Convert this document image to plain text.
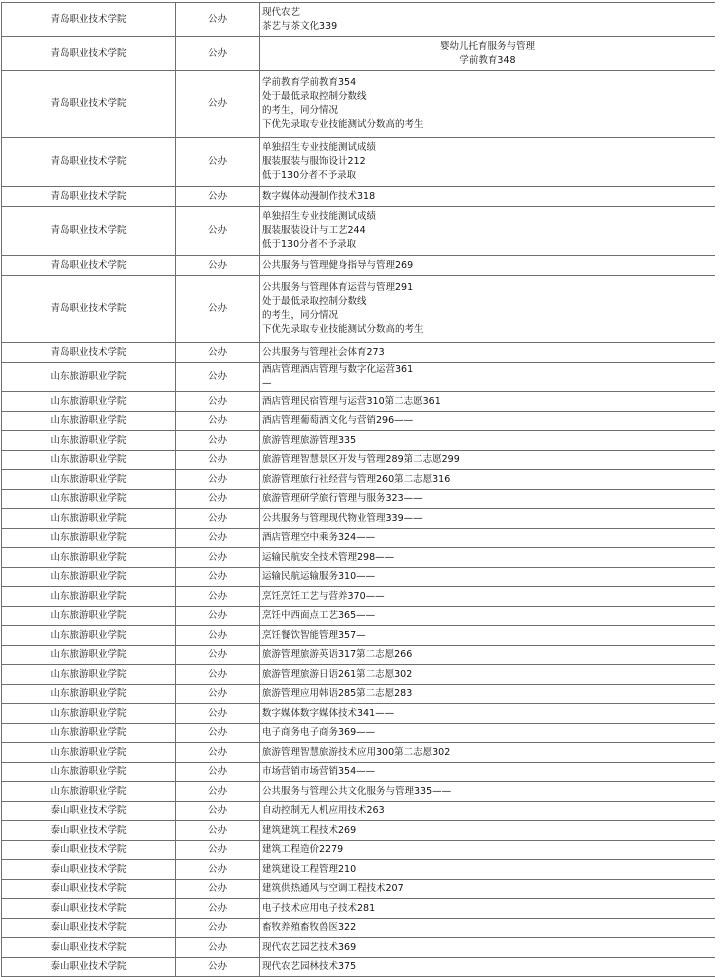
青岛职业技术学院	公办	现代农艺
茶艺与茶文化339

青岛职业技术学院	公办	婴幼儿托育服务与管理
学前教育348

青岛职业技术学院	公办	学前教育学前教育354
处于最低录取控制分数线
的考生，同分情况
下优先录取专业技能测试分数高的考生

青岛职业技术学院	公办	单独招生专业技能测试成绩
服装服装与服饰设计212
低于130分者不予录取

青岛职业技术学院	公办	数字媒体动漫制作技术318

青岛职业技术学院	公办	单独招生专业技能测试成绩
服装服装设计与工艺244
低于130分者不予录取

青岛职业技术学院	公办	公共服务与管理健身指导与管理269

青岛职业技术学院	公办	公共服务与管理体育运营与管理291
处于最低录取控制分数线
的考生，同分情况
下优先录取专业技能测试分数高的考生

青岛职业技术学院	公办	公共服务与管理社会体育273

山东旅游职业学院	公办	酒店管理酒店管理与数字化运营361
—

山东旅游职业学院	公办	酒店管理民宿管理与运营310第二志愿361

山东旅游职业学院	公办	酒店管理葡萄酒文化与营销296——

山东旅游职业学院	公办	旅游管理旅游管理335

山东旅游职业学院	公办	旅游管理智慧景区开发与管理289第二志愿299

山东旅游职业学院	公办	旅游管理旅行社经营与管理260第二志愿316

山东旅游职业学院	公办	旅游管理研学旅行管理与服务323——

山东旅游职业学院	公办	公共服务与管理现代物业管理339——

山东旅游职业学院	公办	酒店管理空中乘务324——

山东旅游职业学院	公办	运输民航安全技术管理298——

山东旅游职业学院	公办	运输民航运输服务310——

山东旅游职业学院	公办	烹饪烹饪工艺与营养370——

山东旅游职业学院	公办	烹饪中西面点工艺365——

山东旅游职业学院	公办	烹饪餐饮智能管理357—

山东旅游职业学院	公办	旅游管理旅游英语317第二志愿266

山东旅游职业学院	公办	旅游管理旅游日语261第二志愿302

山东旅游职业学院	公办	旅游管理应用韩语285第二志愿283

山东旅游职业学院	公办	数字媒体数字媒体技术341——

山东旅游职业学院	公办	电子商务电子商务369——

山东旅游职业学院	公办	旅游管理智慧旅游技术应用300第二志愿302

山东旅游职业学院	公办	市场营销市场营销354——

山东旅游职业学院	公办	公共服务与管理公共文化服务与管理335——

泰山职业技术学院	公办	自动控制无人机应用技术263

泰山职业技术学院	公办	建筑建筑工程技术269

泰山职业技术学院	公办	建筑工程造价2279

泰山职业技术学院	公办	建筑建设工程管理210

泰山职业技术学院	公办	建筑供热通风与空调工程技术207

泰山职业技术学院	公办	电子技术应用电子技术281

泰山职业技术学院	公办	畜牧养殖畜牧兽医322

泰山职业技术学院	公办	现代农艺园艺技术369

泰山职业技术学院	公办	现代农艺园林技术375
